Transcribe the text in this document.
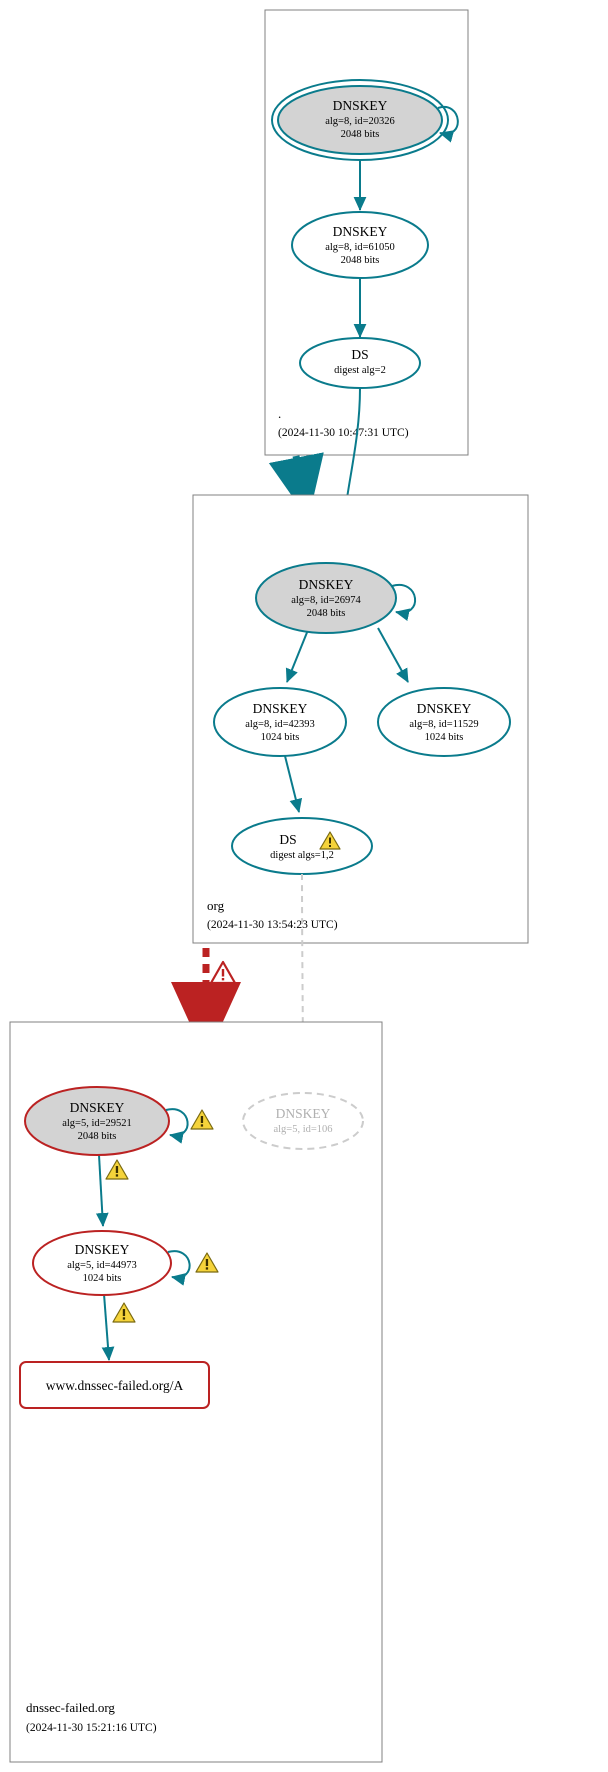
.
(2024-11-30 10:47:31 UTC)
DNSKEY
alg=8, id=20326
2048 bits
DNSKEY
alg=8, id=61050
2048 bits
DS
digest alg=2
org
(2024-11-30 13:54:23 UTC)
DNSKEY
alg=8, id=26974
2048 bits
DNSKEY
alg=8, id=42393
1024 bits
DNSKEY
alg=8, id=11529
1024 bits
DS
digest algs=1,2
dnssec-failed.org
(2024-11-30 15:21:16 UTC)
DNSKEY
alg=5, id=106
DNSKEY
alg=5, id=29521
2048 bits
DNSKEY
alg=5, id=44973
1024 bits
www.dnssec-failed.org/A
